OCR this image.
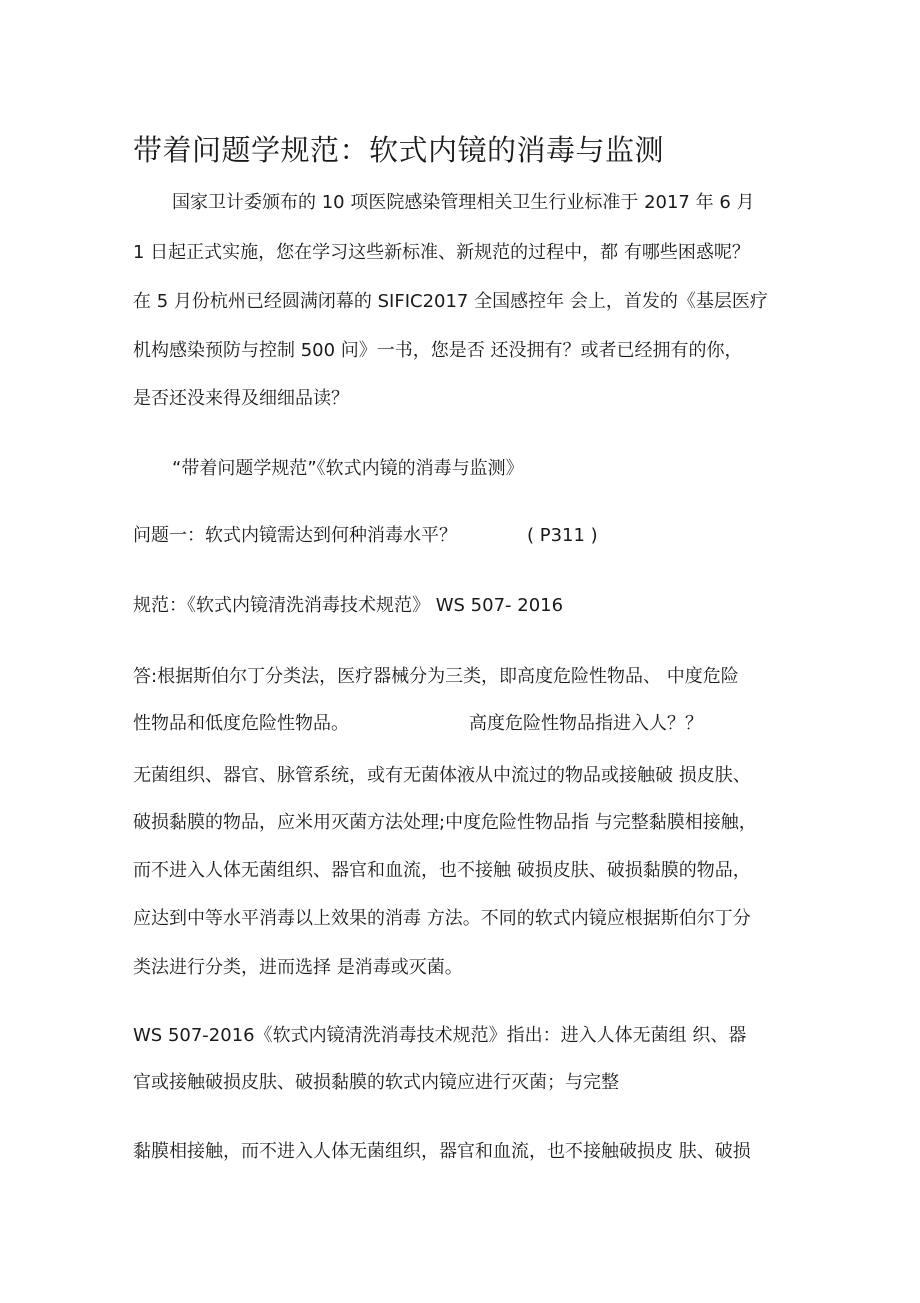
带着问题学规范：软式内镜的消毒与监测
国家卫计委颁布的 10 项医院感染管理相关卫生行业标准于 2017 年 6 月
1 日起正式实施，您在学习这些新标准、新规范的过程中，都 有哪些困惑呢？
在 5 月份杭州已经圆满闭幕的 SIFIC2017 全国感控年 会上，首发的《基层医疗
机构感染预防与控制 500 问》一书，您是否 还没拥有？或者已经拥有的你，
是否还没来得及细细品读？
“带着问题学规范”《软式内镜的消毒与监测》
问题一：软式内镜需达到何种消毒水平？	( P311 )
规范：《软式内镜清洗消毒技术规范》 WS 507- 2016
答:根据斯伯尔丁分类法，医疗器械分为三类，即高度危险性物品、 中度危险
性物品和低度危险性物品。	高度危险性物品指进入人？？
无菌组织、器官、脉管系统，或有无菌体液从中流过的物品或接触破 损皮肤、
破损黏膜的物品，应米用灭菌方法处理;中度危险性物品指 与完整黏膜相接触，
而不进入人体无菌组织、器官和血流，也不接触 破损皮肤、破损黏膜的物品，
应达到中等水平消毒以上效果的消毒 方法。不同的软式内镜应根据斯伯尔丁分
类法进行分类，进而选择 是消毒或灭菌。
WS 507-2016《软式内镜清洗消毒技术规范》指出：进入人体无菌组 织、器
官或接触破损皮肤、破损黏膜的软式内镜应进行灭菌；与完整
黏膜相接触，而不进入人体无菌组织，器官和血流，也不接触破损皮 肤、破损
